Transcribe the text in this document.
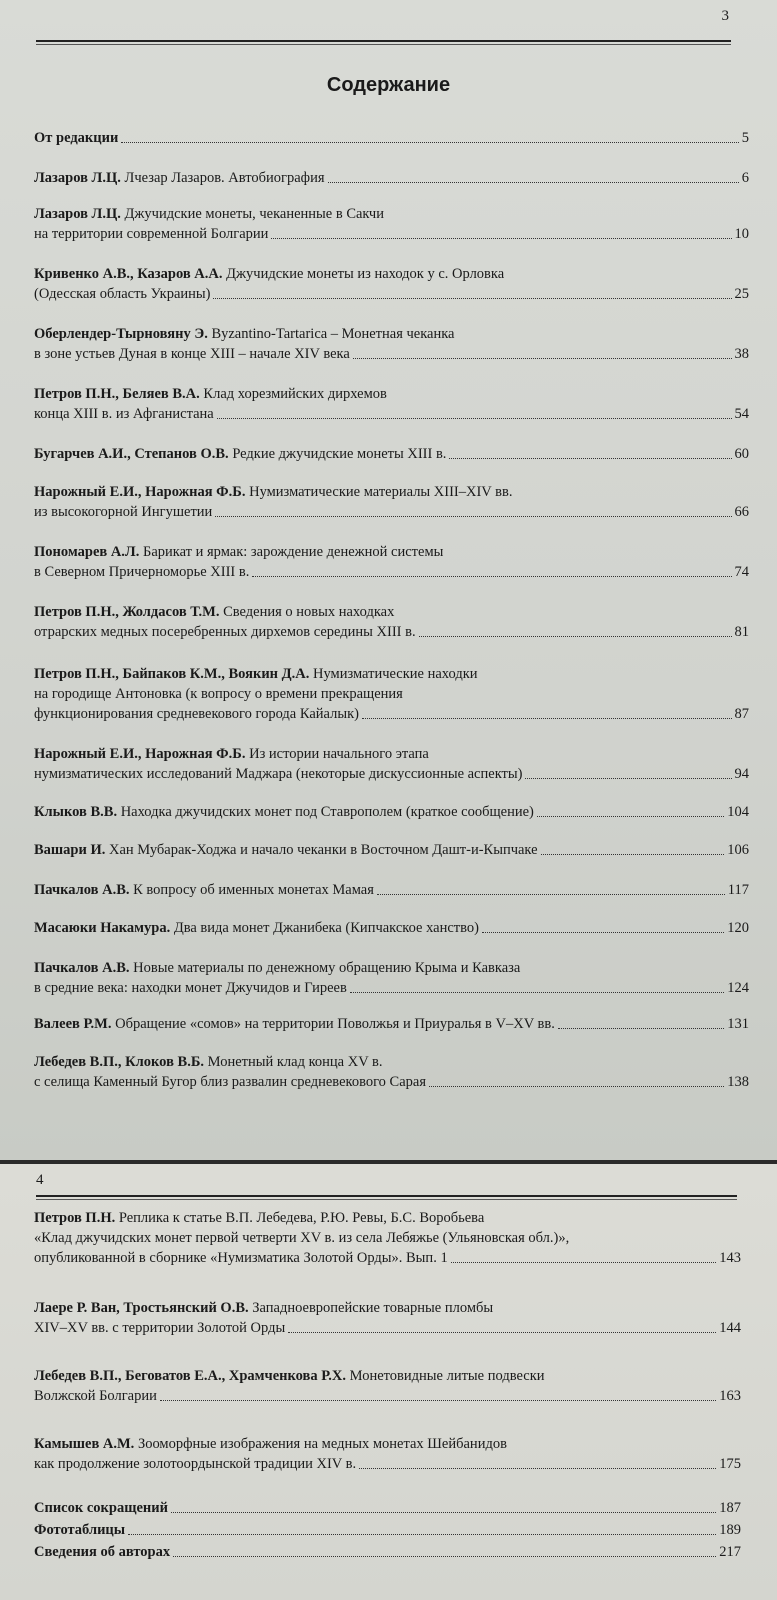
3
Содержание
От редакции	5
Лазаров Л.Ц.
Лчезар Лазаров. Автобиография	6
Лазаров Л.Ц.
Джучидские монеты, чеканенные в Сакчи
на территории современной Болгарии	10
Кривенко А.В., Казаров А.А.
Джучидские монеты из находок у с. Орловка
(Одесская область Украины)	25
Оберлендер-Тырновяну Э.
Byzantino-Tartarica – Монетная чеканка
в зоне устьев Дуная в конце XIII – начале XIV века	38
Петров П.Н., Беляев В.А.
Клад хорезмийских дирхемов
конца XIII в. из Афганистана	54
Бугарчев А.И., Степанов О.В.
Редкие джучидские монеты XIII в.	60
Нарожный Е.И., Нарожная Ф.Б.
Нумизматические материалы XIII–XIV вв.
из высокогорной Ингушетии	66
Пономарев А.Л.
Барикат и ярмак: зарождение денежной системы
в Северном Причерноморье XIII в.	74
Петров П.Н., Жолдасов Т.М.
Сведения о новых находках
отрарских медных посеребренных дирхемов середины XIII в.	81
Петров П.Н., Байпаков К.М., Воякин Д.А.
Нумизматические находки
на городище Антоновка (к вопросу о времени прекращения
функционирования средневекового города Кайалык)	87
Нарожный Е.И., Нарожная Ф.Б.
Из истории начального этапа
нумизматических исследований Маджара (некоторые дискуссионные аспекты)	94
Клыков В.В.
Находка джучидских монет под Ставрополем (краткое сообщение)	104
Вашари И.
Хан Мубарак-Ходжа и начало чеканки в Восточном Дашт-и-Кыпчаке	106
Пачкалов А.В.
К вопросу об именных монетах Мамая	117
Масаюки Накамура.
Два вида монет Джанибека (Кипчакское ханство)	120
Пачкалов А.В.
Новые материалы по денежному обращению Крыма и Кавказа
в средние века: находки монет Джучидов и Гиреев	124
Валеев Р.М.
Обращение «сомов» на территории Поволжья и Приуралья в V–XV вв.	131
Лебедев В.П., Клоков В.Б.
Монетный клад конца XV в.
с селища Каменный Бугор близ развалин средневекового Сарая	138
4
Петров П.Н.
Реплика к статье В.П. Лебедева, Р.Ю. Ревы, Б.С. Воробьева
«Клад джучидских монет первой четверти XV в. из села Лебяжье (Ульяновская обл.)»,
опубликованной в сборнике «Нумизматика Золотой Орды». Вып. 1	143
Лаере Р. Ван, Тростьянский О.В.
Западноевропейские товарные пломбы
XIV–XV вв. с территории Золотой Орды	144
Лебедев В.П., Беговатов Е.А., Храмченкова Р.Х.
Монетовидные литые подвески
Волжской Болгарии	163
Камышев А.М.
Зооморфные изображения на медных монетах Шейбанидов
как продолжение золотоордынской традиции XIV в.	175
Список сокращений	187
Фототаблицы	189
Сведения об авторах	217
